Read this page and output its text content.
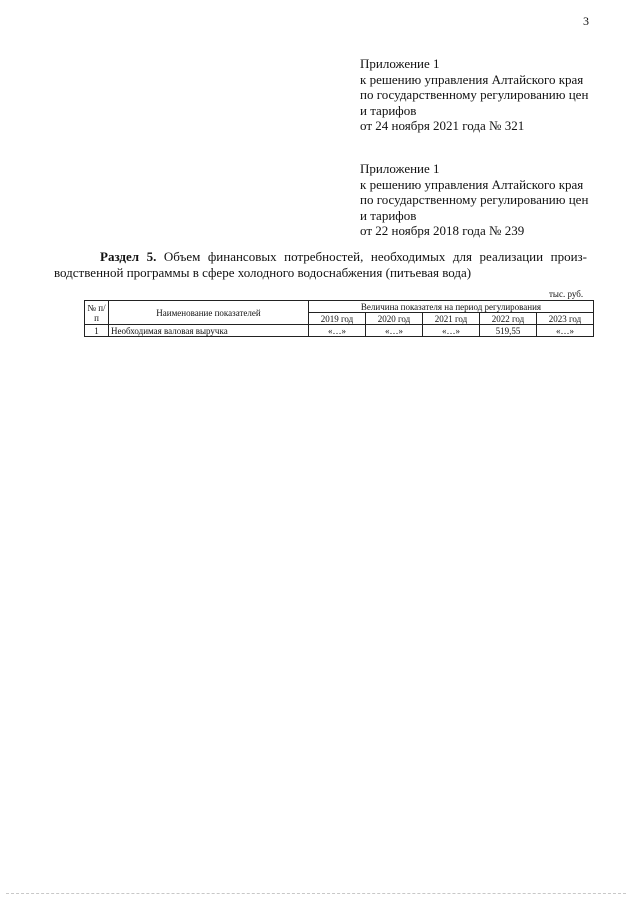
3
Приложение 1
к решению управления Алтайского края
по государственному регулированию цен
и тарифов
от 24 ноября 2021 года № 321
Приложение 1
к решению управления Алтайского края
по государственному регулированию цен
и тарифов
от 22 ноября 2018 года № 239
Раздел 5. Объем финансовых потребностей, необходимых для реализации произ-
водственной программы в сфере холодного водоснабжения (питьевая вода)
тыс. руб.
№ п/п	Наименование показателей	Величина показателя на период регулирования				
		2019 год	2020 год	2021 год	2022 год	2023 год
1	Необходимая валовая выручка	«…»	«…»	«…»	519,55	«…»
